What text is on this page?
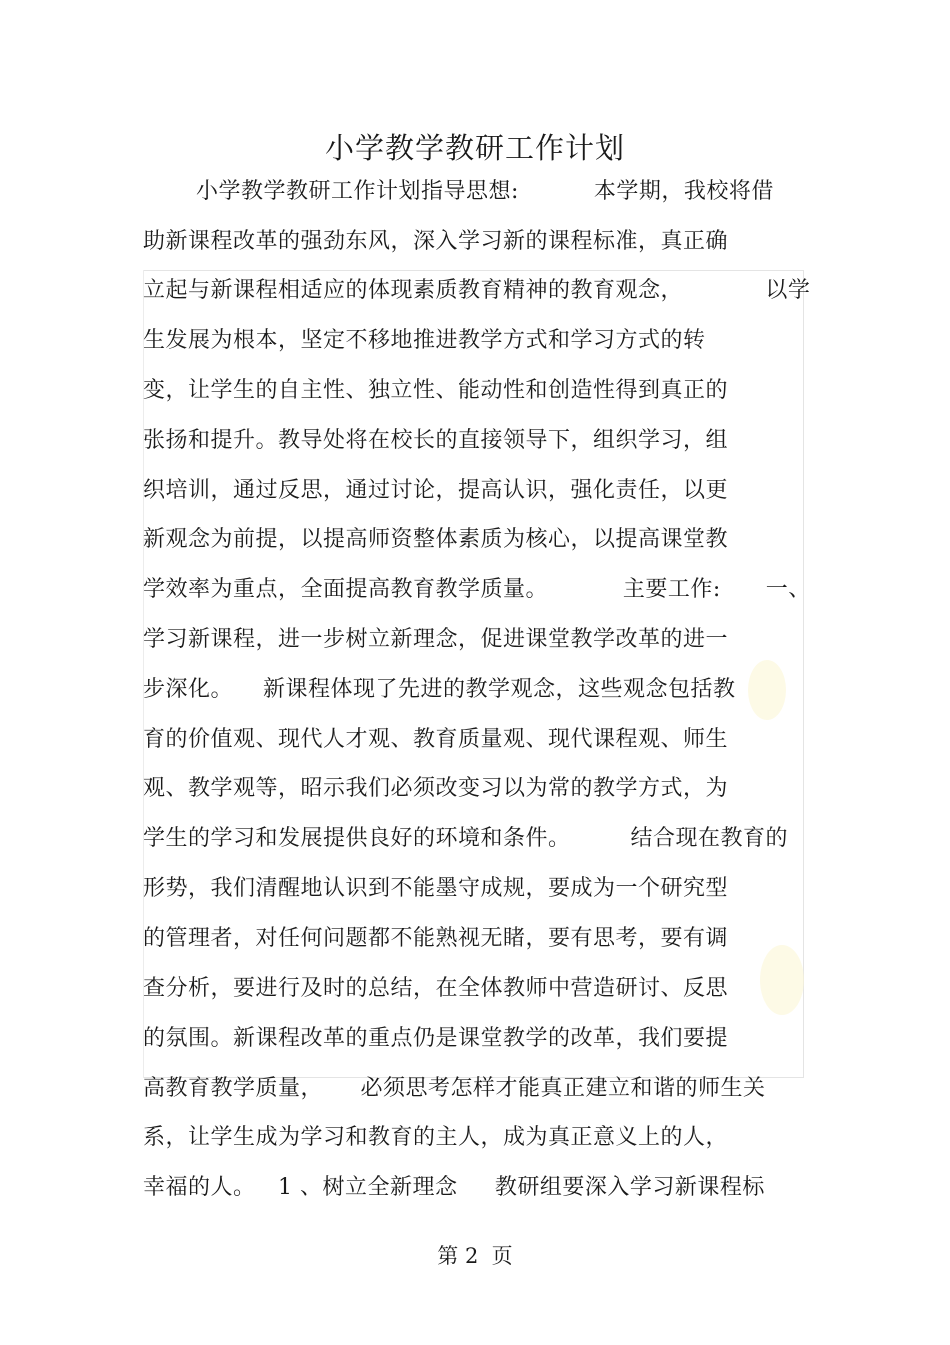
小学教学教研工作计划
小学教学教研工作计划指导思想:          本学期，我校将借
助新课程改革的强劲东风，深入学习新的课程标准，真正确
立起与新课程相适应的体现素质教育精神的教育观念，           以学
生发展为根本，坚定不移地推进教学方式和学习方式的转
变，让学生的自主性、独立性、能动性和创造性得到真正的
张扬和提升。教导处将在校长的直接领导下，组织学习，组
织培训，通过反思，通过讨论，提高认识，强化责任，以更
新观念为前提，以提高师资整体素质为核心，以提高课堂教
学效率为重点，全面提高教育教学质量。          主要工作:      一、
学习新课程，进一步树立新理念，促进课堂教学改革的进一
步深化。    新课程体现了先进的教学观念，这些观念包括教
育的价值观、现代人才观、教育质量观、现代课程观、师生
观、教学观等，昭示我们必须改变习以为常的教学方式，为
学生的学习和发展提供良好的环境和条件。        结合现在教育的
形势，我们清醒地认识到不能墨守成规，要成为一个研究型
的管理者，对任何问题都不能熟视无睹，要有思考，要有调
查分析，要进行及时的总结，在全体教师中营造研讨、反思
的氛围。新课程改革的重点仍是课堂教学的改革，我们要提
高教育教学质量，     必须思考怎样才能真正建立和谐的师生关
系，让学生成为学习和教育的主人，成为真正意义上的人，
幸福的人。   1 、树立全新理念     教研组要深入学习新课程标
第 2  页
